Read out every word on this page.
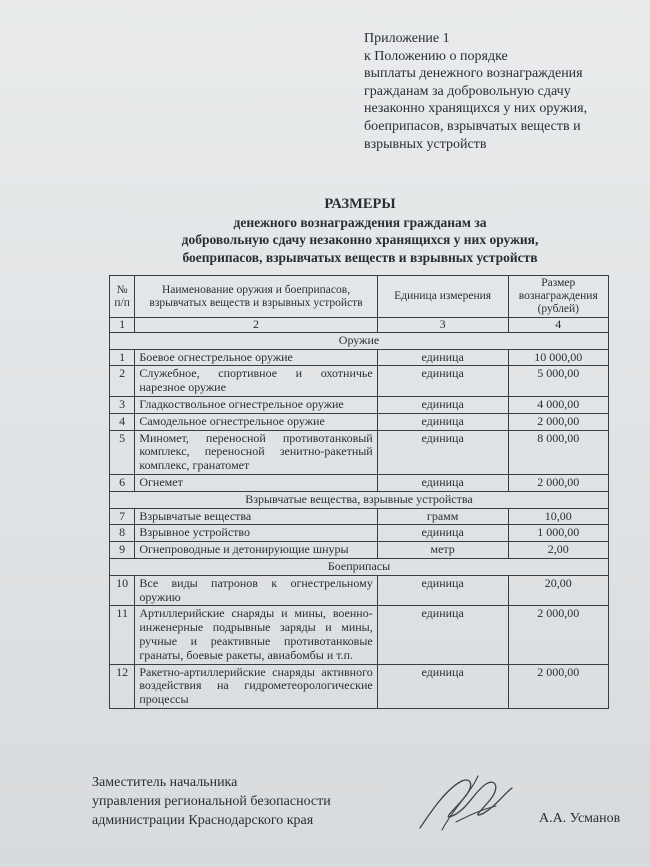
Приложение 1
к Положению о порядке
выплаты денежного вознаграждения
гражданам за добровольную сдачу
незаконно хранящихся у них оружия,
боеприпасов, взрывчатых веществ и
взрывных устройств
РАЗМЕРЫ
денежного вознаграждения гражданам за
добровольную сдачу незаконно хранящихся у них оружия,
боеприпасов, взрывчатых веществ и взрывных устройств
№ п/п	Наименование оружия и боеприпасов, взрывчатых веществ и взрывных устройств	Единица измерения	Размер вознаграждения (рублей)
1	2	3	4
Оружие			
1	Боевое огнестрельное оружие	единица	10 000,00
2	Служебное, спортивное и охотничье нарезное оружие	единица	5 000,00
3	Гладкоствольное огнестрельное оружие	единица	4 000,00
4	Самодельное огнестрельное оружие	единица	2 000,00
5	Миномет, переносной противотанковый комплекс, переносной зенитно-ракетный комплекс, гранатомет	единица	8 000,00
6	Огнемет	единица	2 000,00
Взрывчатые вещества, взрывные устройства			
7	Взрывчатые вещества	грамм	10,00
8	Взрывное устройство	единица	1 000,00
9	Огнепроводные и детонирующие шнуры	метр	2,00
Боеприпасы			
10	Все виды патронов к огнестрельному оружию	единица	20,00
11	Артиллерийские снаряды и мины, военно-инженерные подрывные заряды и мины, ручные и реактивные противотанковые гранаты, боевые ракеты, авиабомбы и т.п.	единица	2 000,00
12	Ракетно-артиллерийские снаряды активного воздействия на гидрометеорологические процессы	единица	2 000,00
Заместитель начальника
управления региональной безопасности
администрации Краснодарского края	А.А. Усманов
